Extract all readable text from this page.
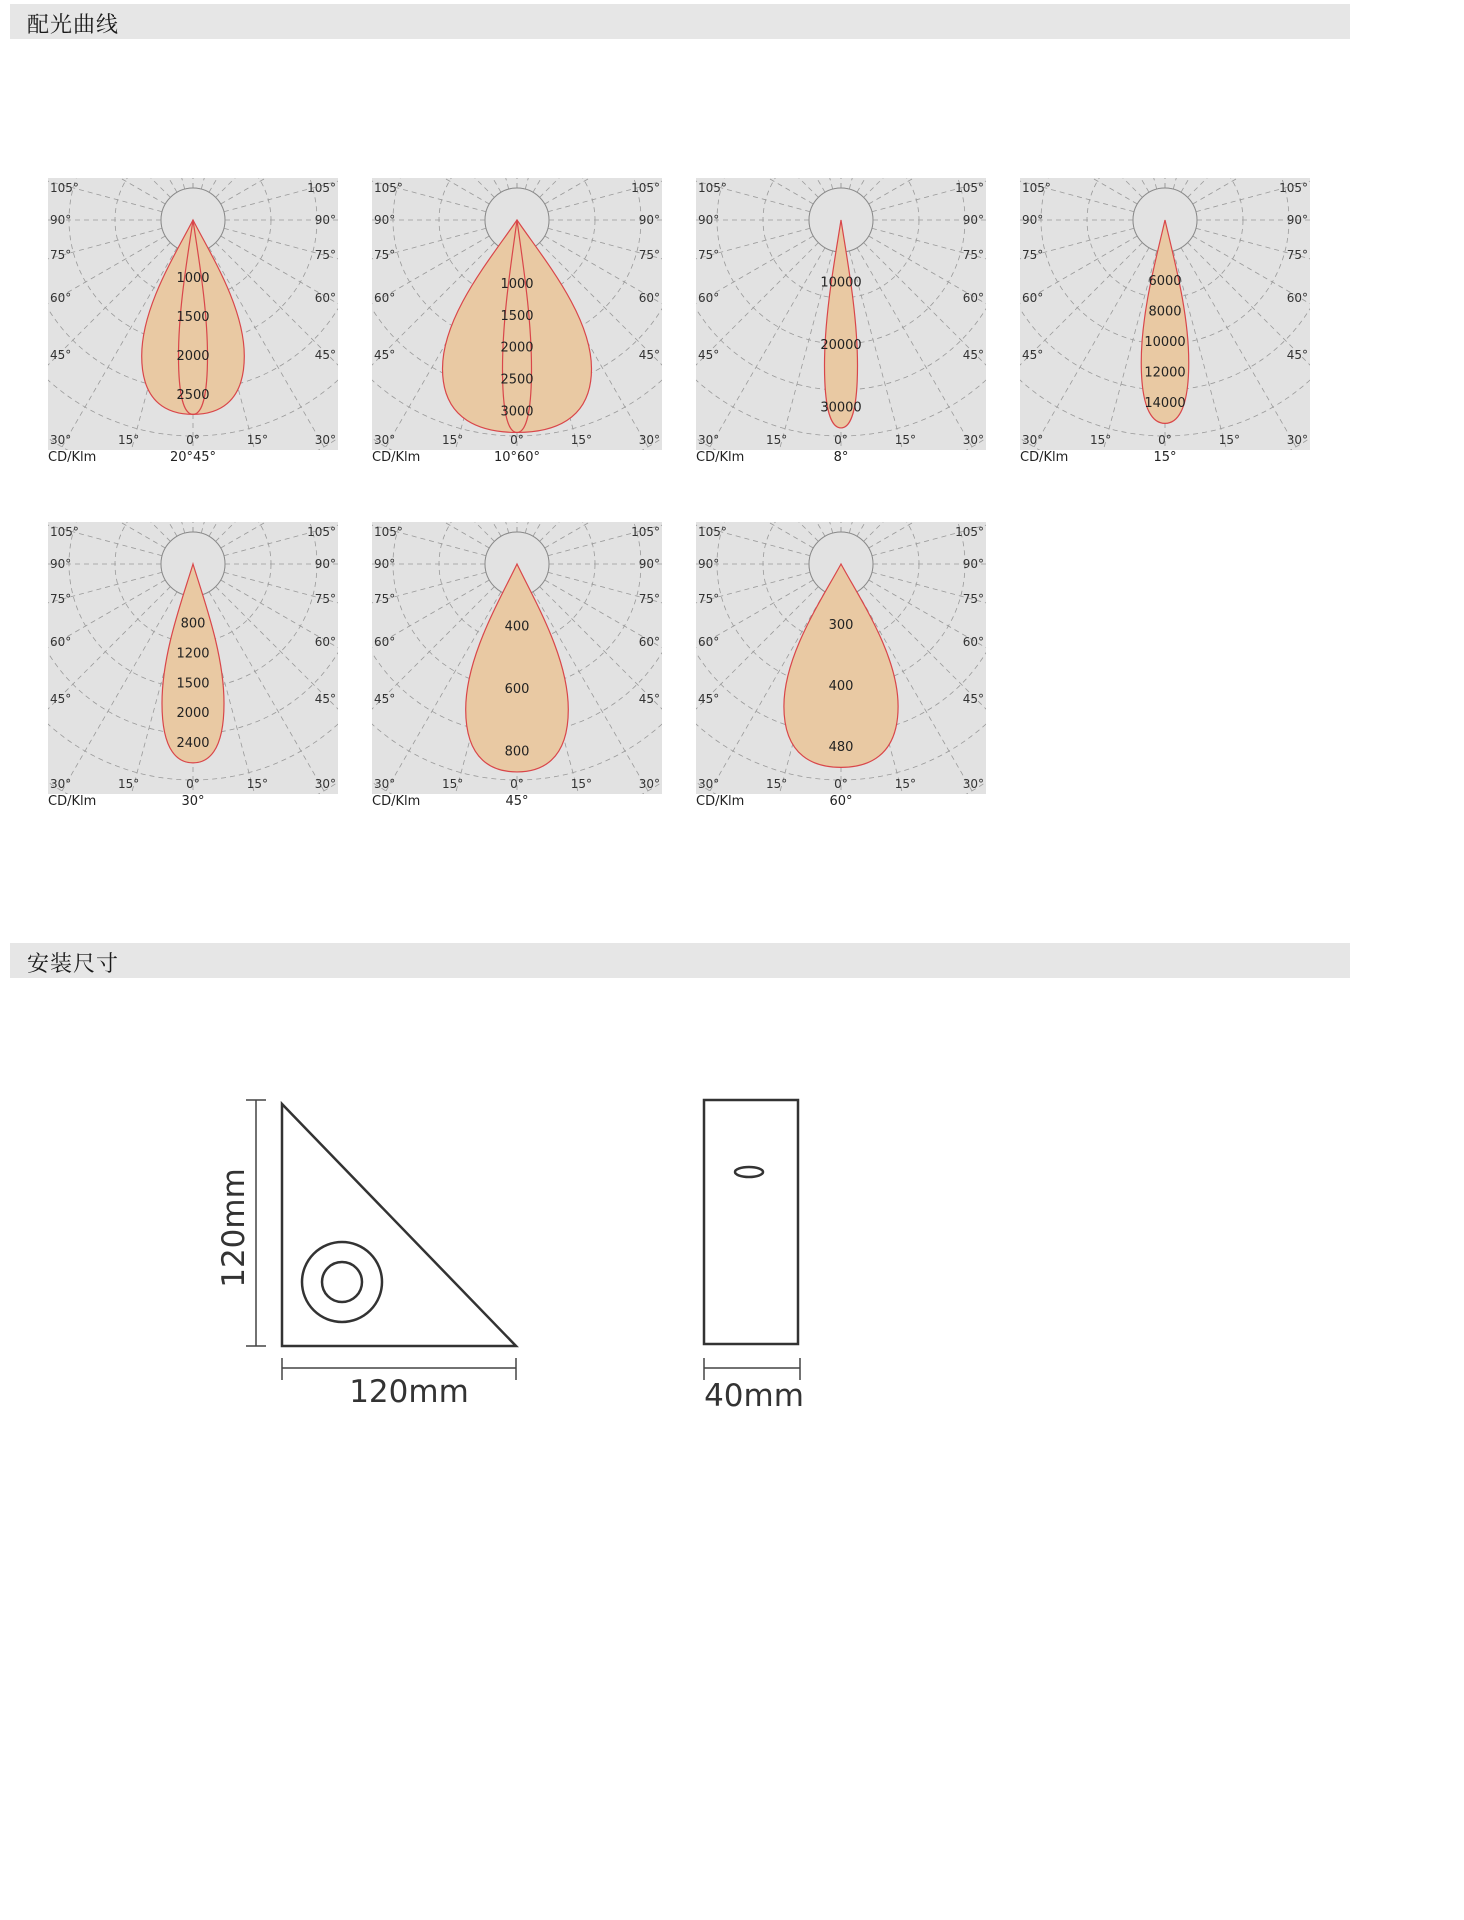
配光曲线
105°
90°
75°
60°
45°
30°	15°
105°
90°
75°
60°
45°
30°
15°
0°
1000
1500
2000
2500
CD/Klm	20°45°
105°
90°
75°
60°
45°
30°	15°
105°
90°
75°
60°
45°
30°
15°
0°
1000
1500
2000
2500
3000
CD/Klm	10°60°
105°
90°
75°
60°
45°
30°	15°
105°
90°
75°
60°
45°
30°
15°
0°
10000
20000
30000
CD/Klm	8°
105°
90°
75°
60°
45°
30°	15°
105°
90°
75°
60°
45°
30°
15°
0°
6000
8000
10000
12000
14000
CD/Klm	15°
105°
90°
75°
60°
45°
30°	15°
105°
90°
75°
60°
45°
30°
15°
0°
800
1200
1500
2000
2400
CD/Klm	30°
105°
90°
75°
60°
45°
30°	15°
105°
90°
75°
60°
45°
30°
15°
0°
400
600
800
CD/Klm	45°
105°
90°
75°
60°
45°
30°	15°
105°
90°
75°
60°
45°
30°
15°
0°
300
400
480
CD/Klm	60°
安装尺寸
120mm
120mm	40mm
